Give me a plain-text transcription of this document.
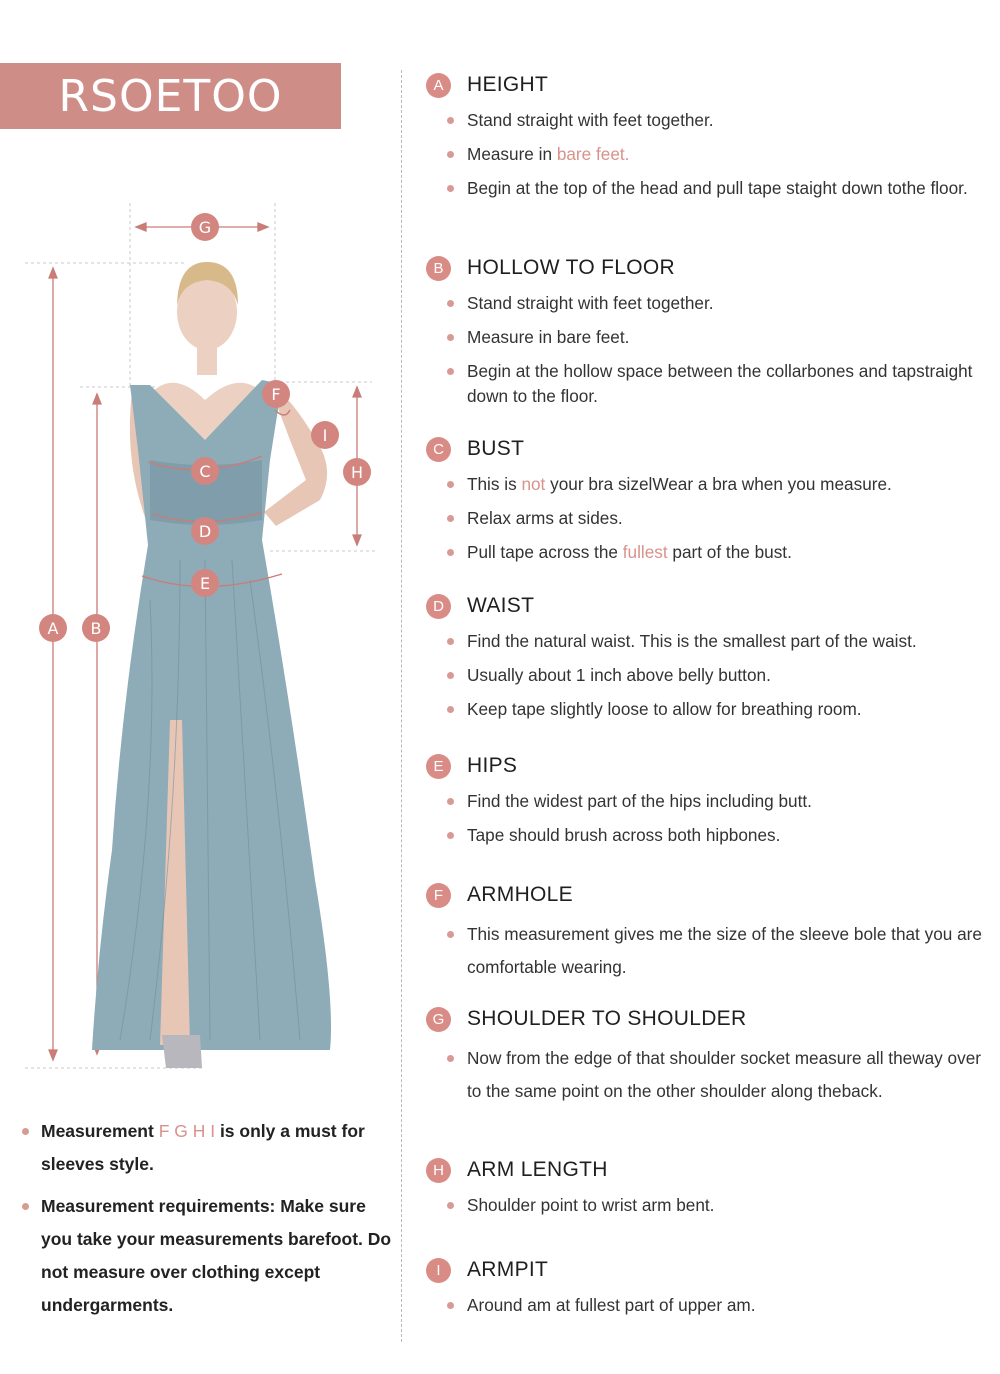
RSOETOO
G
C
D
E
F
I
H
A B
Measurement F G H I is only a must for sleeves style.
Measurement requirements: Make sure you take your measurements barefoot. Do not measure over clothing except undergarments.
A	HEIGHT
Stand straight with feet together.
Measure in bare feet.
Begin at the top of the head and pull tape staight down tothe floor.
B	HOLLOW TO FLOOR
Stand straight with feet together.
Measure in bare feet.
Begin at the hollow space between the collarbones and tapstraight down to the floor.
C	BUST
This is not your bra sizelWear a bra when you measure.
Relax arms at sides.
Pull tape across the fullest part of the bust.
D	WAIST
Find the natural waist. This is the smallest part of the waist.
Usually about 1 inch above belly button.
Keep tape slightly loose to allow for breathing room.
E	HIPS
Find the widest part of the hips including butt.
Tape should brush across both hipbones.
F	ARMHOLE
This measurement gives me the size of the sleeve bole that you are comfortable wearing.
G	SHOULDER TO SHOULDER
Now from the edge of that shoulder socket measure all theway over to the same point on the other shoulder along theback.
H	ARM LENGTH
Shoulder point to wrist arm bent.
I	ARMPIT
Around am at fullest part of upper am.
